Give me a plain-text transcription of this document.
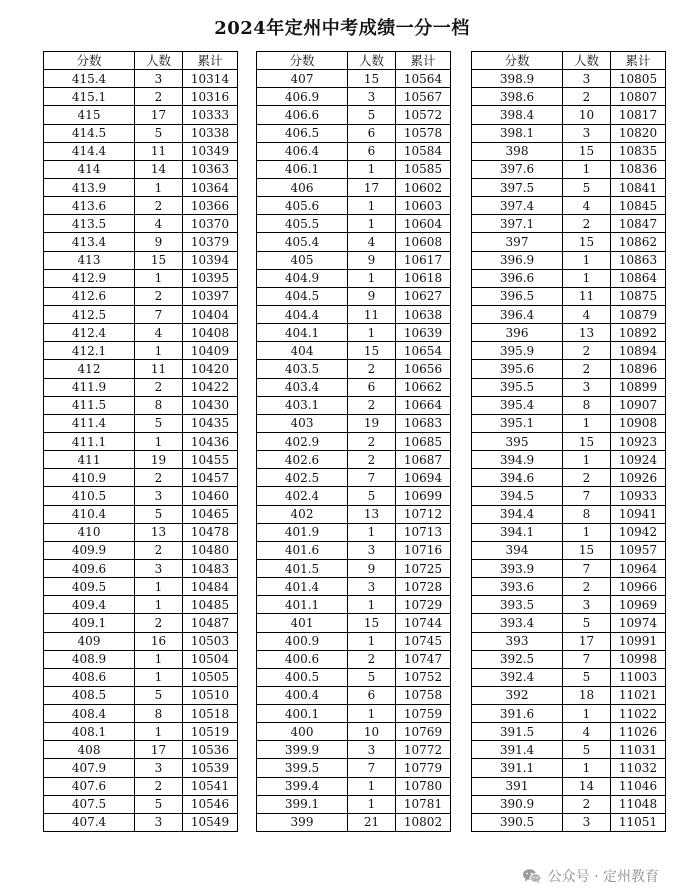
2024年定州中考成绩一分一档
分数	人数	累计
415.4	3	10314
415.1	2	10316
415	17	10333
414.5	5	10338
414.4	11	10349
414	14	10363
413.9	1	10364
413.6	2	10366
413.5	4	10370
413.4	9	10379
413	15	10394
412.9	1	10395
412.6	2	10397
412.5	7	10404
412.4	4	10408
412.1	1	10409
412	11	10420
411.9	2	10422
411.5	8	10430
411.4	5	10435
411.1	1	10436
411	19	10455
410.9	2	10457
410.5	3	10460
410.4	5	10465
410	13	10478
409.9	2	10480
409.6	3	10483
409.5	1	10484
409.4	1	10485
409.1	2	10487
409	16	10503
408.9	1	10504
408.6	1	10505
408.5	5	10510
408.4	8	10518
408.1	1	10519
408	17	10536
407.9	3	10539
407.6	2	10541
407.5	5	10546
407.4	3	10549
分数	人数	累计
407	15	10564
406.9	3	10567
406.6	5	10572
406.5	6	10578
406.4	6	10584
406.1	1	10585
406	17	10602
405.6	1	10603
405.5	1	10604
405.4	4	10608
405	9	10617
404.9	1	10618
404.5	9	10627
404.4	11	10638
404.1	1	10639
404	15	10654
403.5	2	10656
403.4	6	10662
403.1	2	10664
403	19	10683
402.9	2	10685
402.6	2	10687
402.5	7	10694
402.4	5	10699
402	13	10712
401.9	1	10713
401.6	3	10716
401.5	9	10725
401.4	3	10728
401.1	1	10729
401	15	10744
400.9	1	10745
400.6	2	10747
400.5	5	10752
400.4	6	10758
400.1	1	10759
400	10	10769
399.9	3	10772
399.5	7	10779
399.4	1	10780
399.1	1	10781
399	21	10802
分数	人数	累计
398.9	3	10805
398.6	2	10807
398.4	10	10817
398.1	3	10820
398	15	10835
397.6	1	10836
397.5	5	10841
397.4	4	10845
397.1	2	10847
397	15	10862
396.9	1	10863
396.6	1	10864
396.5	11	10875
396.4	4	10879
396	13	10892
395.9	2	10894
395.6	2	10896
395.5	3	10899
395.4	8	10907
395.1	1	10908
395	15	10923
394.9	1	10924
394.6	2	10926
394.5	7	10933
394.4	8	10941
394.1	1	10942
394	15	10957
393.9	7	10964
393.6	2	10966
393.5	3	10969
393.4	5	10974
393	17	10991
392.5	7	10998
392.4	5	11003
392	18	11021
391.6	1	11022
391.5	4	11026
391.4	5	11031
391.1	1	11032
391	14	11046
390.9	2	11048
390.5	3	11051
公众号 · 定州教育
